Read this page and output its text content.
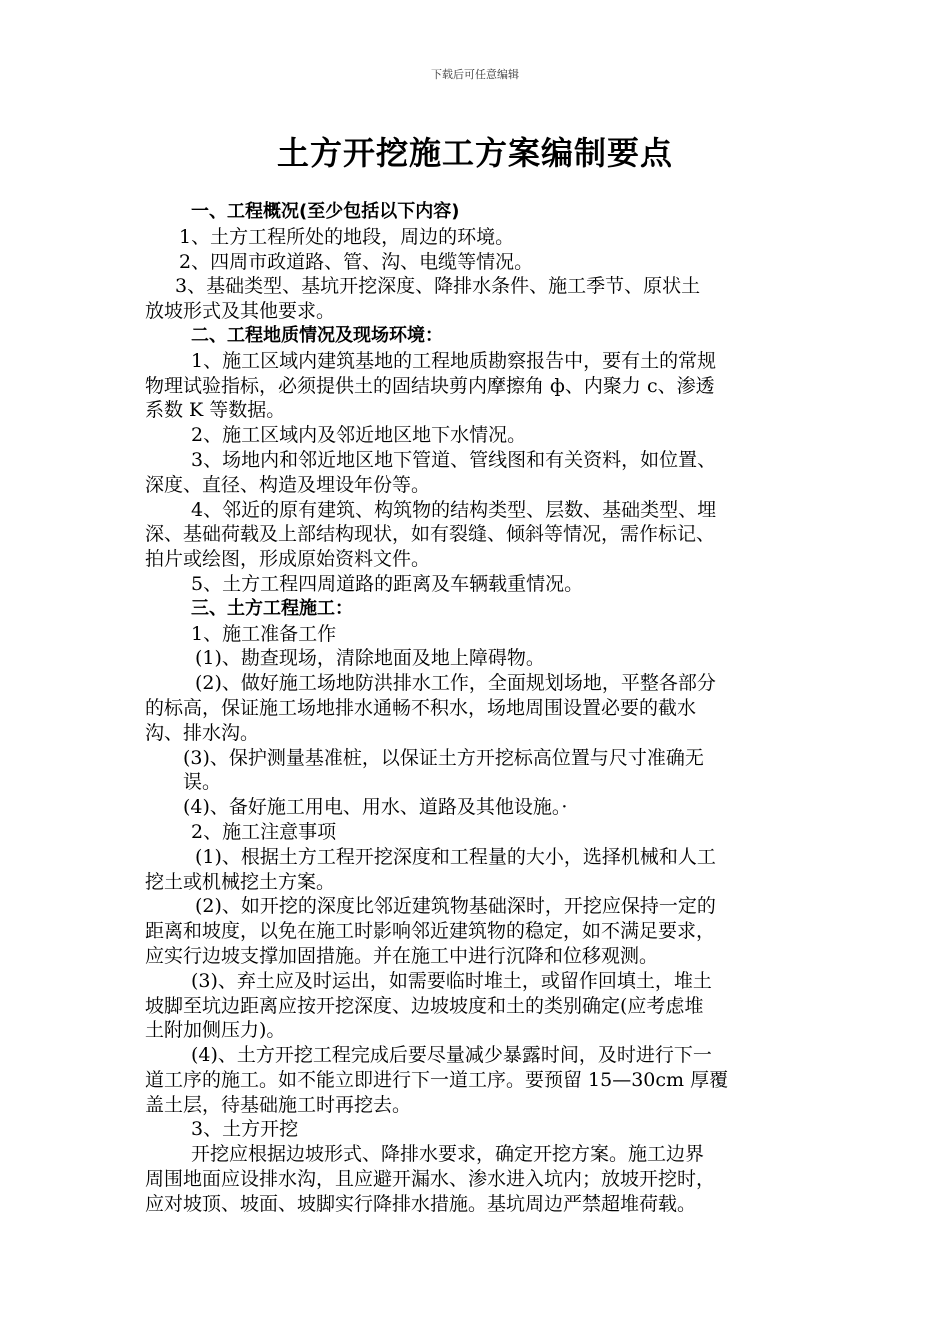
下载后可任意编辑
土方开挖施工方案编制要点
一、工程概况(至少包括以下内容)
1、土方工程所处的地段，周边的环境。
2、四周市政道路、管、沟、电缆等情况。
3、基础类型、基坑开挖深度、降排水条件、施工季节、原状土
放坡形式及其他要求。
二、工程地质情况及现场环境：
1、施工区域内建筑基地的工程地质勘察报告中，要有土的常规
物理试验指标，必须提供土的固结块剪内摩擦角 ф、内聚力 c、渗透
系数 K 等数据。
2、施工区域内及邻近地区地下水情况。
3、场地内和邻近地区地下管道、管线图和有关资料，如位置、
深度、直径、构造及埋设年份等。
4、邻近的原有建筑、构筑物的结构类型、层数、基础类型、埋
深、基础荷载及上部结构现状，如有裂缝、倾斜等情况，需作标记、
拍片或绘图，形成原始资料文件。
5、土方工程四周道路的距离及车辆载重情况。
三、土方工程施工：
1、施工准备工作
(1)、勘查现场，清除地面及地上障碍物。
(2)、做好施工场地防洪排水工作，全面规划场地，平整各部分
的标高，保证施工场地排水通畅不积水，场地周围设置必要的截水
沟、排水沟。
(3)、保护测量基准桩，以保证土方开挖标高位置与尺寸准确无
误。
(4)、备好施工用电、用水、道路及其他设施。·
2、施工注意事项
(1)、根据土方工程开挖深度和工程量的大小，选择机械和人工
挖土或机械挖土方案。
(2)、如开挖的深度比邻近建筑物基础深时，开挖应保持一定的
距离和坡度，以免在施工时影响邻近建筑物的稳定，如不满足要求，
应实行边坡支撑加固措施。并在施工中进行沉降和位移观测。
(3)、弃土应及时运出，如需要临时堆土，或留作回填土，堆土
坡脚至坑边距离应按开挖深度、边坡坡度和土的类别确定(应考虑堆
土附加侧压力)。
(4)、土方开挖工程完成后要尽量减少暴露时间，及时进行下一
道工序的施工。如不能立即进行下一道工序。要预留 15—30cm 厚覆
盖土层，待基础施工时再挖去。
3、土方开挖
开挖应根据边坡形式、降排水要求，确定开挖方案。施工边界
周围地面应设排水沟，且应避开漏水、渗水进入坑内；放坡开挖时，
应对坡顶、坡面、坡脚实行降排水措施。基坑周边严禁超堆荷载。
